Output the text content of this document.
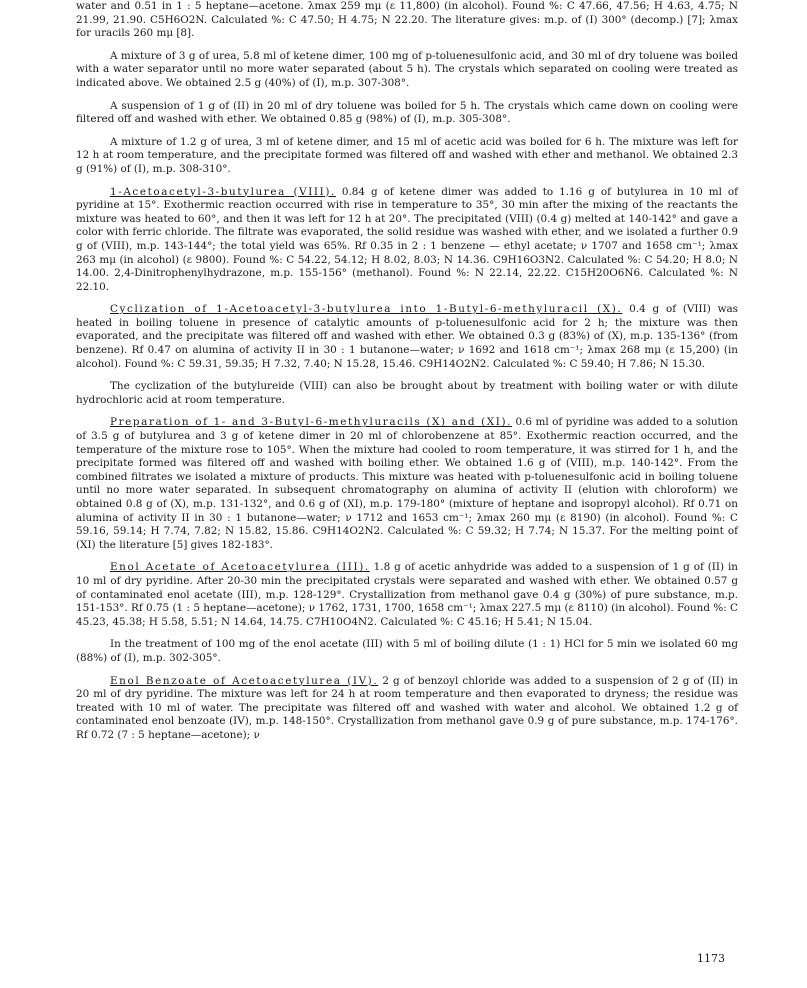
water and 0.51 in 1 : 5 heptane—acetone. λmax 259 mμ (ε 11,800) (in alcohol). Found %: C 47.66, 47.56; H 4.63, 4.75; N 21.99, 21.90. C5H6O2N. Calculated %: C 47.50; H 4.75; N 22.20. The literature gives: m.p. of (I) 300° (decomp.) [7]; λmax for uracils 260 mμ [8].

A mixture of 3 g of urea, 5.8 ml of ketene dimer, 100 mg of p-toluenesulfonic acid, and 30 ml of dry toluene was boiled with a water separator until no more water separated (about 5 h). The crystals which separated on cooling were treated as indicated above. We obtained 2.5 g (40%) of (I), m.p. 307-308°.

A suspension of 1 g of (II) in 20 ml of dry toluene was boiled for 5 h. The crystals which came down on cooling were filtered off and washed with ether. We obtained 0.85 g (98%) of (I), m.p. 305-308°.

A mixture of 1.2 g of urea, 3 ml of ketene dimer, and 15 ml of acetic acid was boiled for 6 h. The mixture was left for 12 h at room temperature, and the precipitate formed was filtered off and washed with ether and methanol. We obtained 2.3 g (91%) of (I), m.p. 308-310°.

1-Acetoacetyl-3-butylurea (VIII). 0.84 g of ketene dimer was added to 1.16 g of butylurea in 10 ml of pyridine at 15°. Exothermic reaction occurred with rise in temperature to 35°, 30 min after the mixing of the reactants the mixture was heated to 60°, and then it was left for 12 h at 20°. The precipitated (VIII) (0.4 g) melted at 140-142° and gave a color with ferric chloride. The filtrate was evaporated, the solid residue was washed with ether, and we isolated a further 0.9 g of (VIII), m.p. 143-144°; the total yield was 65%. Rf 0.35 in 2 : 1 benzene — ethyl acetate; ν 1707 and 1658 cm⁻¹; λmax 263 mμ (in alcohol) (ε 9800). Found %: C 54.22, 54.12; H 8.02, 8.03; N 14.36. C9H16O3N2. Calculated %: C 54.20; H 8.0; N 14.00. 2,4-Dinitrophenylhydrazone, m.p. 155-156° (methanol). Found %: N 22.14, 22.22. C15H20O6N6. Calculated %: N 22.10.

Cyclization of 1-Acetoacetyl-3-butylurea into 1-Butyl-6-methyluracil (X). 0.4 g of (VIII) was heated in boiling toluene in presence of catalytic amounts of p-toluenesulfonic acid for 2 h; the mixture was then evaporated, and the precipitate was filtered off and washed with ether. We obtained 0.3 g (83%) of (X), m.p. 135-136° (from benzene). Rf 0.47 on alumina of activity II in 30 : 1 butanone—water; ν 1692 and 1618 cm⁻¹; λmax 268 mμ (ε 15,200) (in alcohol). Found %: C 59.31, 59.35; H 7.32, 7.40; N 15.28, 15.46. C9H14O2N2. Calculated %: C 59.40; H 7.86; N 15.30.

The cyclization of the butylureide (VIII) can also be brought about by treatment with boiling water or with dilute hydrochloric acid at room temperature.

Preparation of 1- and 3-Butyl-6-methyluracils (X) and (XI). 0.6 ml of pyridine was added to a solution of 3.5 g of butylurea and 3 g of ketene dimer in 20 ml of chlorobenzene at 85°. Exothermic reaction occurred, and the temperature of the mixture rose to 105°. When the mixture had cooled to room temperature, it was stirred for 1 h, and the precipitate formed was filtered off and washed with boiling ether. We obtained 1.6 g of (VIII), m.p. 140-142°. From the combined filtrates we isolated a mixture of products. This mixture was heated with p-toluenesulfonic acid in boiling toluene until no more water separated. In subsequent chromatography on alumina of activity II (elution with chloroform) we obtained 0.8 g of (X), m.p. 131-132°, and 0.6 g of (XI), m.p. 179-180° (mixture of heptane and isopropyl alcohol). Rf 0.71 on alumina of activity II in 30 : 1 butanone—water; ν 1712 and 1653 cm⁻¹; λmax 260 mμ (ε 8190) (in alcohol). Found %: C 59.16, 59.14; H 7.74, 7.82; N 15.82, 15.86. C9H14O2N2. Calculated %: C 59.32; H 7.74; N 15.37. For the melting point of (XI) the literature [5] gives 182-183°.

Enol Acetate of Acetoacetylurea (III). 1.8 g of acetic anhydride was added to a suspension of 1 g of (II) in 10 ml of dry pyridine. After 20-30 min the precipitated crystals were separated and washed with ether. We obtained 0.57 g of contaminated enol acetate (III), m.p. 128-129°. Crystallization from methanol gave 0.4 g (30%) of pure substance, m.p. 151-153°. Rf 0.75 (1 : 5 heptane—acetone); ν 1762, 1731, 1700, 1658 cm⁻¹; λmax 227.5 mμ (ε 8110) (in alcohol). Found %: C 45.23, 45.38; H 5.58, 5.51; N 14.64, 14.75. C7H10O4N2. Calculated %: C 45.16; H 5.41; N 15.04.

In the treatment of 100 mg of the enol acetate (III) with 5 ml of boiling dilute (1 : 1) HCl for 5 min we isolated 60 mg (88%) of (I), m.p. 302-305°.

Enol Benzoate of Acetoacetylurea (IV). 2 g of benzoyl chloride was added to a suspension of 2 g of (II) in 20 ml of dry pyridine. The mixture was left for 24 h at room temperature and then evaporated to dryness; the residue was treated with 10 ml of water. The precipitate was filtered off and washed with water and alcohol. We obtained 1.2 g of contaminated enol benzoate (IV), m.p. 148-150°. Crystallization from methanol gave 0.9 g of pure substance, m.p. 174-176°. Rf 0.72 (7 : 5 heptane—acetone); ν

1173
